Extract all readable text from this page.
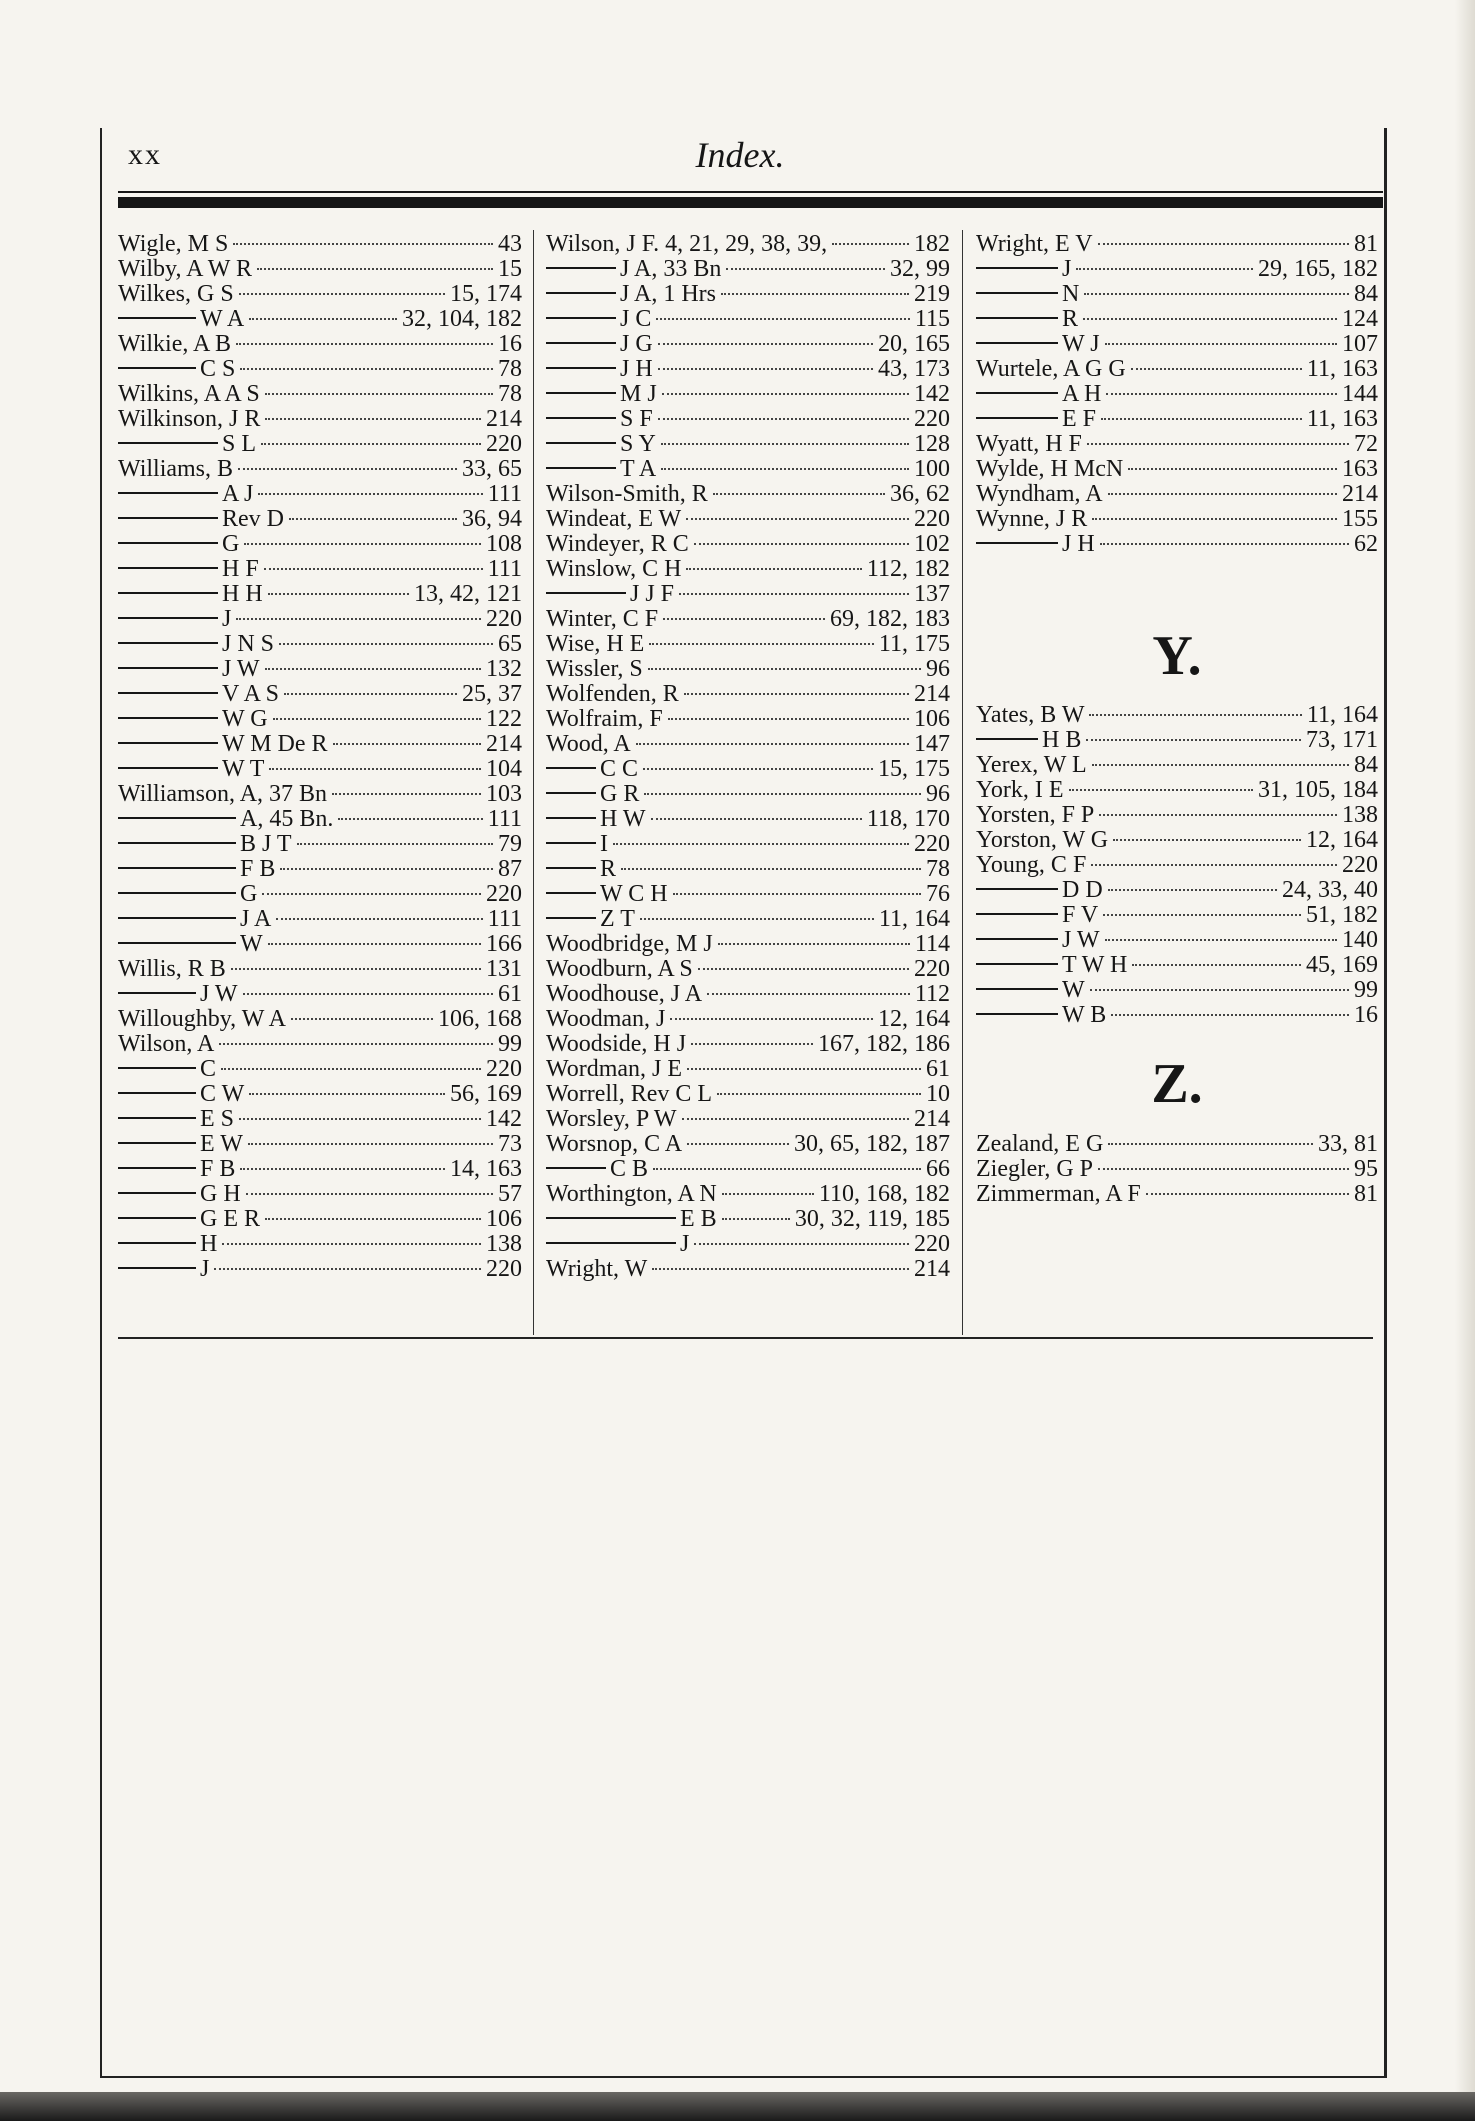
xx	Index.
Wigle, M S	43
Wilby, A W R	15
Wilkes, G S	15, 174
W A	32, 104, 182
Wilkie, A B	16
C S	78
Wilkins, A A S	78
Wilkinson, J R	214
S L	220
Williams, B	33, 65
A J	111
Rev D	36, 94
G	108
H F	111
H H	13, 42, 121
J	220
J N S	65
J W	132
V A S	25, 37
W G	122
W M De R	214
W T	104
Williamson, A, 37 Bn	103
A, 45 Bn.	111
B J T	79
F B	87
G	220
J A	111
W	166
Willis, R B	131
J W	61
Willoughby, W A	106, 168
Wilson, A	99
C	220
C W	56, 169
E S	142
E W	73
F B	14, 163
G H	57
G E R	106
H	138
J	220
Wilson, J F. 4, 21, 29, 38, 39,	182
J A, 33 Bn	32, 99
J A, 1 Hrs	219
J C	115
J G	20, 165
J H	43, 173
M J	142
S F	220
S Y	128
T A	100
Wilson-Smith, R	36, 62
Windeat, E W	220
Windeyer, R C	102
Winslow, C H	112, 182
J J F	137
Winter, C F	69, 182, 183
Wise, H E	11, 175
Wissler, S	96
Wolfenden, R	214
Wolfraim, F	106
Wood, A	147
C C	15, 175
G R	96
H W	118, 170
I	220
R	78
W C H	76
Z T	11, 164
Woodbridge, M J	114
Woodburn, A S	220
Woodhouse, J A	112
Woodman, J	12, 164
Woodside, H J	167, 182, 186
Wordman, J E	61
Worrell, Rev C L	10
Worsley, P W	214
Worsnop, C A	30, 65, 182, 187
C B	66
Worthington, A N	110, 168, 182
E B	30, 32, 119, 185
J	220
Wright, W	214
Wright, E V	81
J	29, 165, 182
N	84
R	124
W J	107
Wurtele, A G G	11, 163
A H	144
E F	11, 163
Wyatt, H F	72
Wylde, H McN	163
Wyndham, A	214
Wynne, J R	155
J H	62
Y.
Yates, B W	11, 164
H B	73, 171
Yerex, W L	84
York, I E	31, 105, 184
Yorsten, F P	138
Yorston, W G	12, 164
Young, C F	220
D D	24, 33, 40
F V	51, 182
J W	140
T W H	45, 169
W	99
W B	16
Z.
Zealand, E G	33, 81
Ziegler, G P	95
Zimmerman, A F	81
